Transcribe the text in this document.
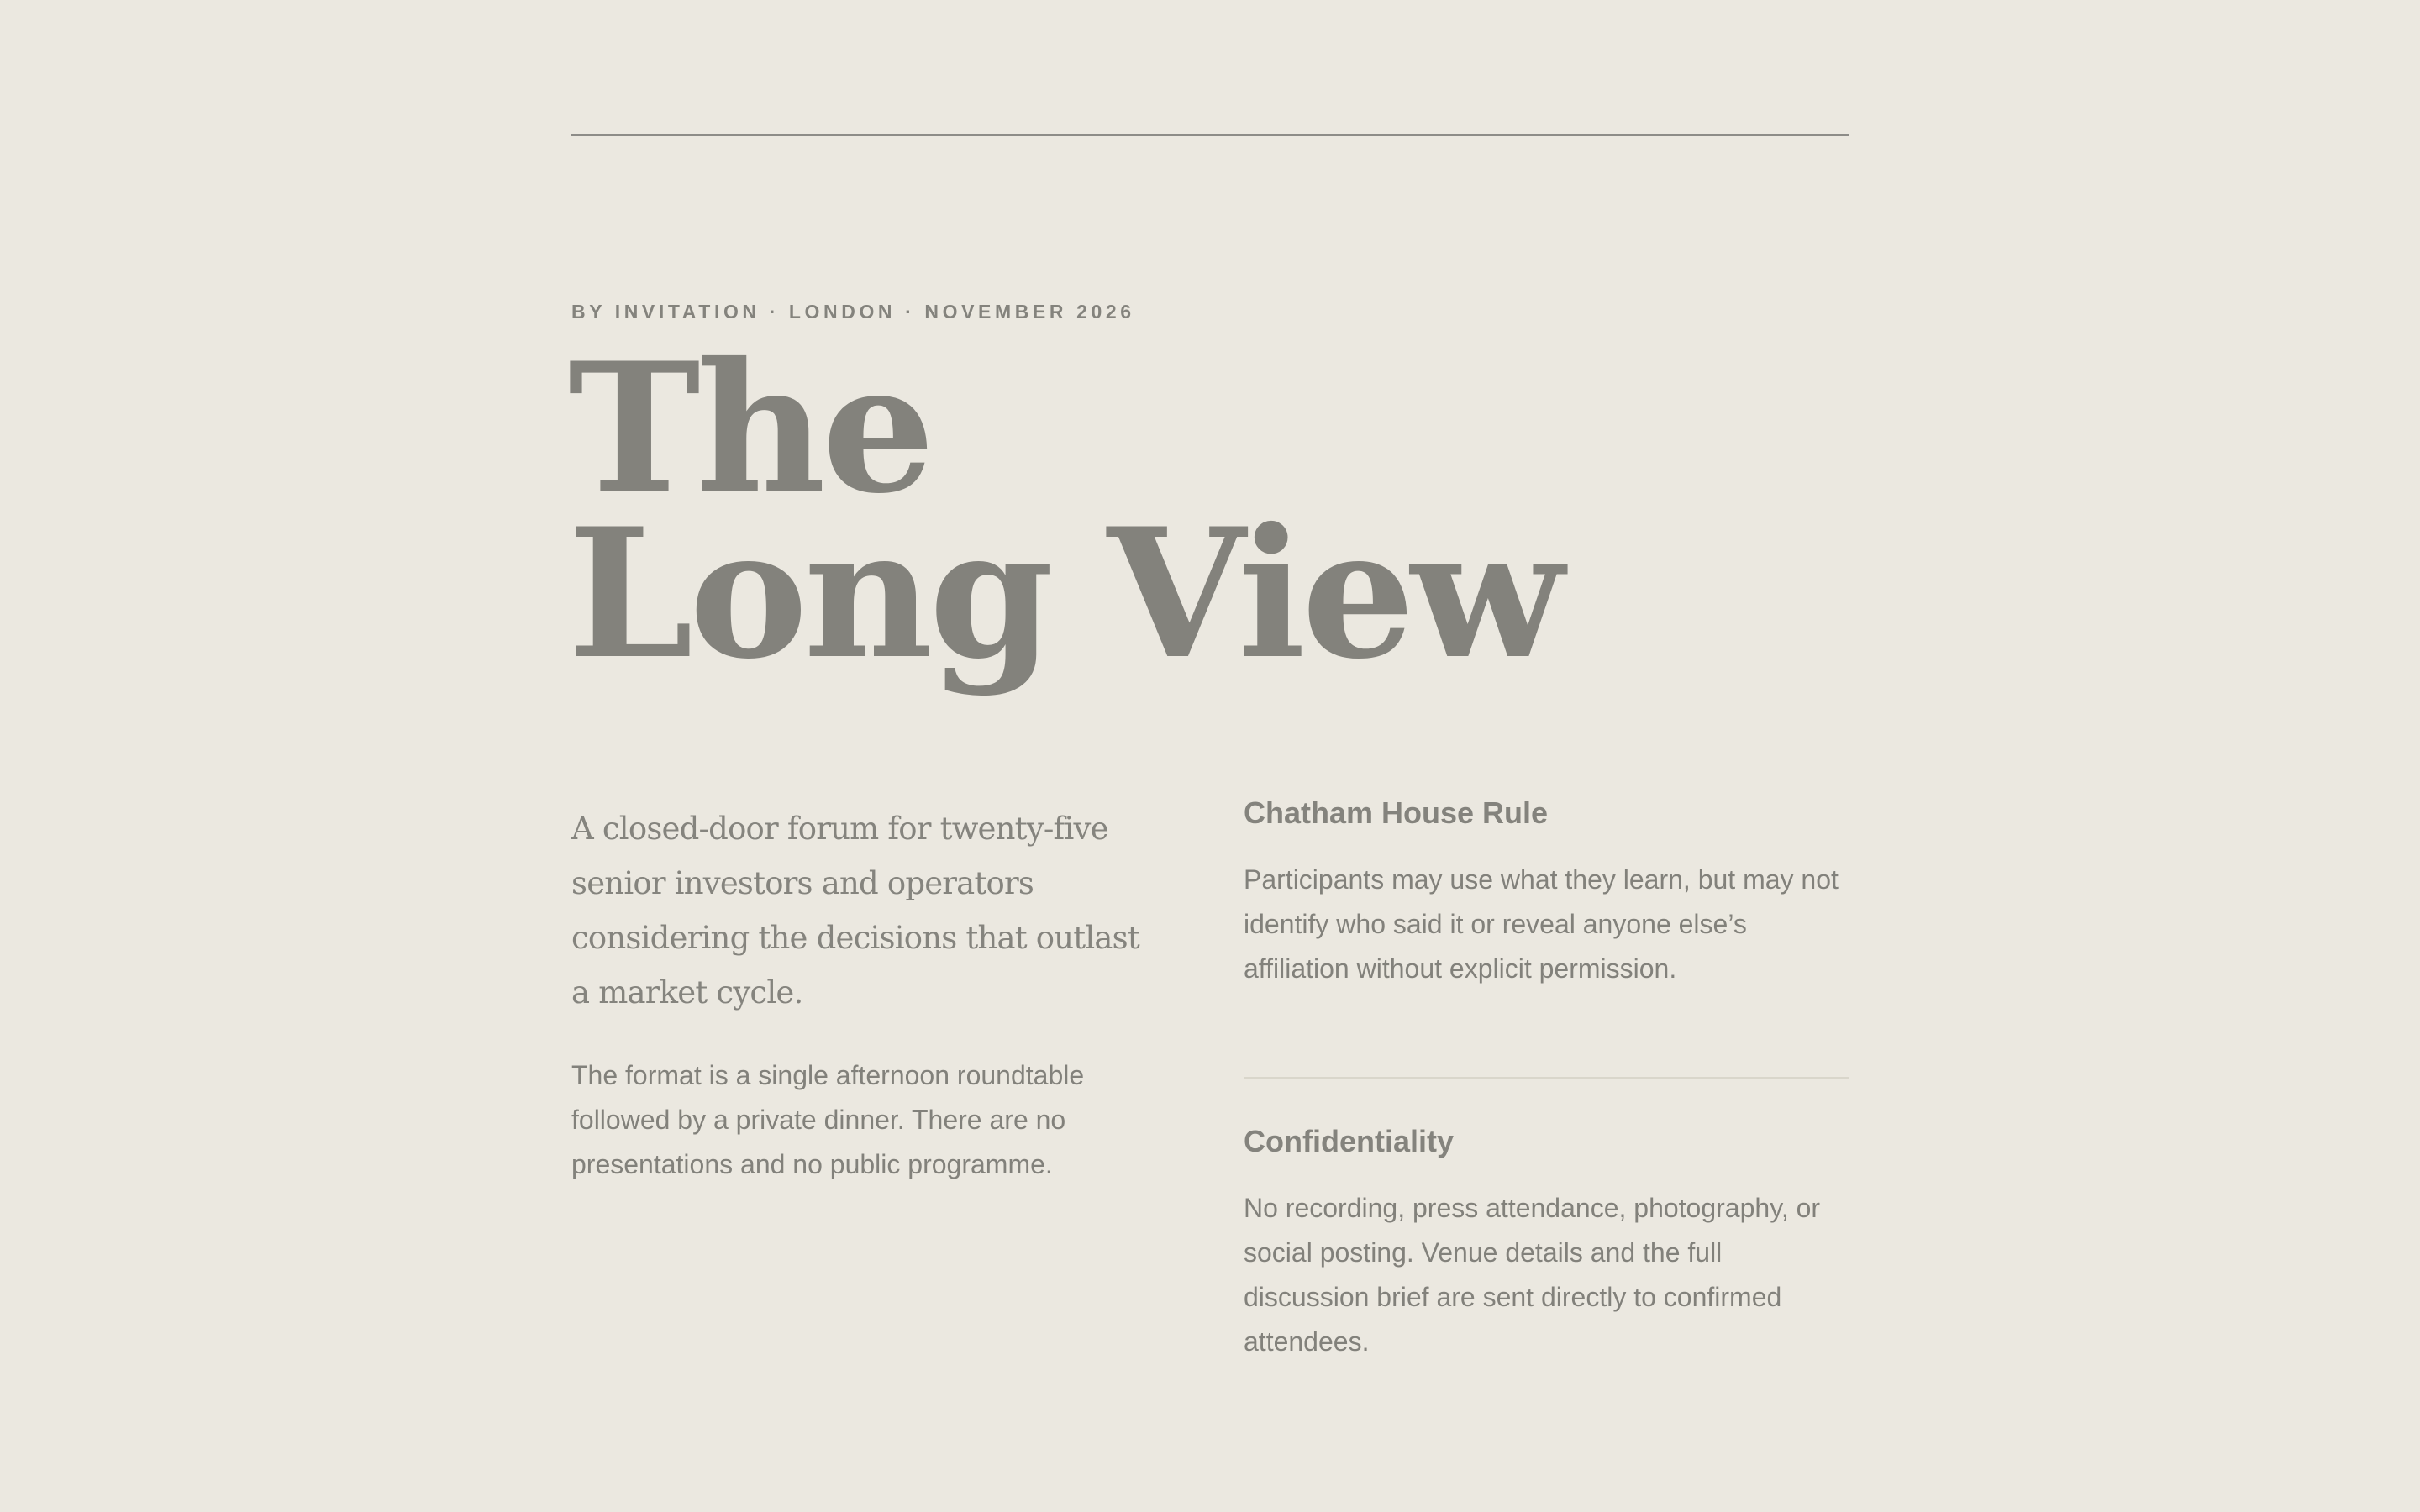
BY INVITATION · LONDON · NOVEMBER 2026
The
Long View

A closed-door forum for twenty-five senior investors and operators considering the decisions that outlast a market cycle.

The format is a single afternoon roundtable followed by a private dinner. There are no presentations and no public programme.

Chatham House Rule

Participants may use what they learn, but may not identify who said it or reveal anyone else’s affiliation without explicit permission.

Confidentiality

No recording, press attendance, photography, or social posting. Venue details and the full discussion brief are sent directly to confirmed attendees.
